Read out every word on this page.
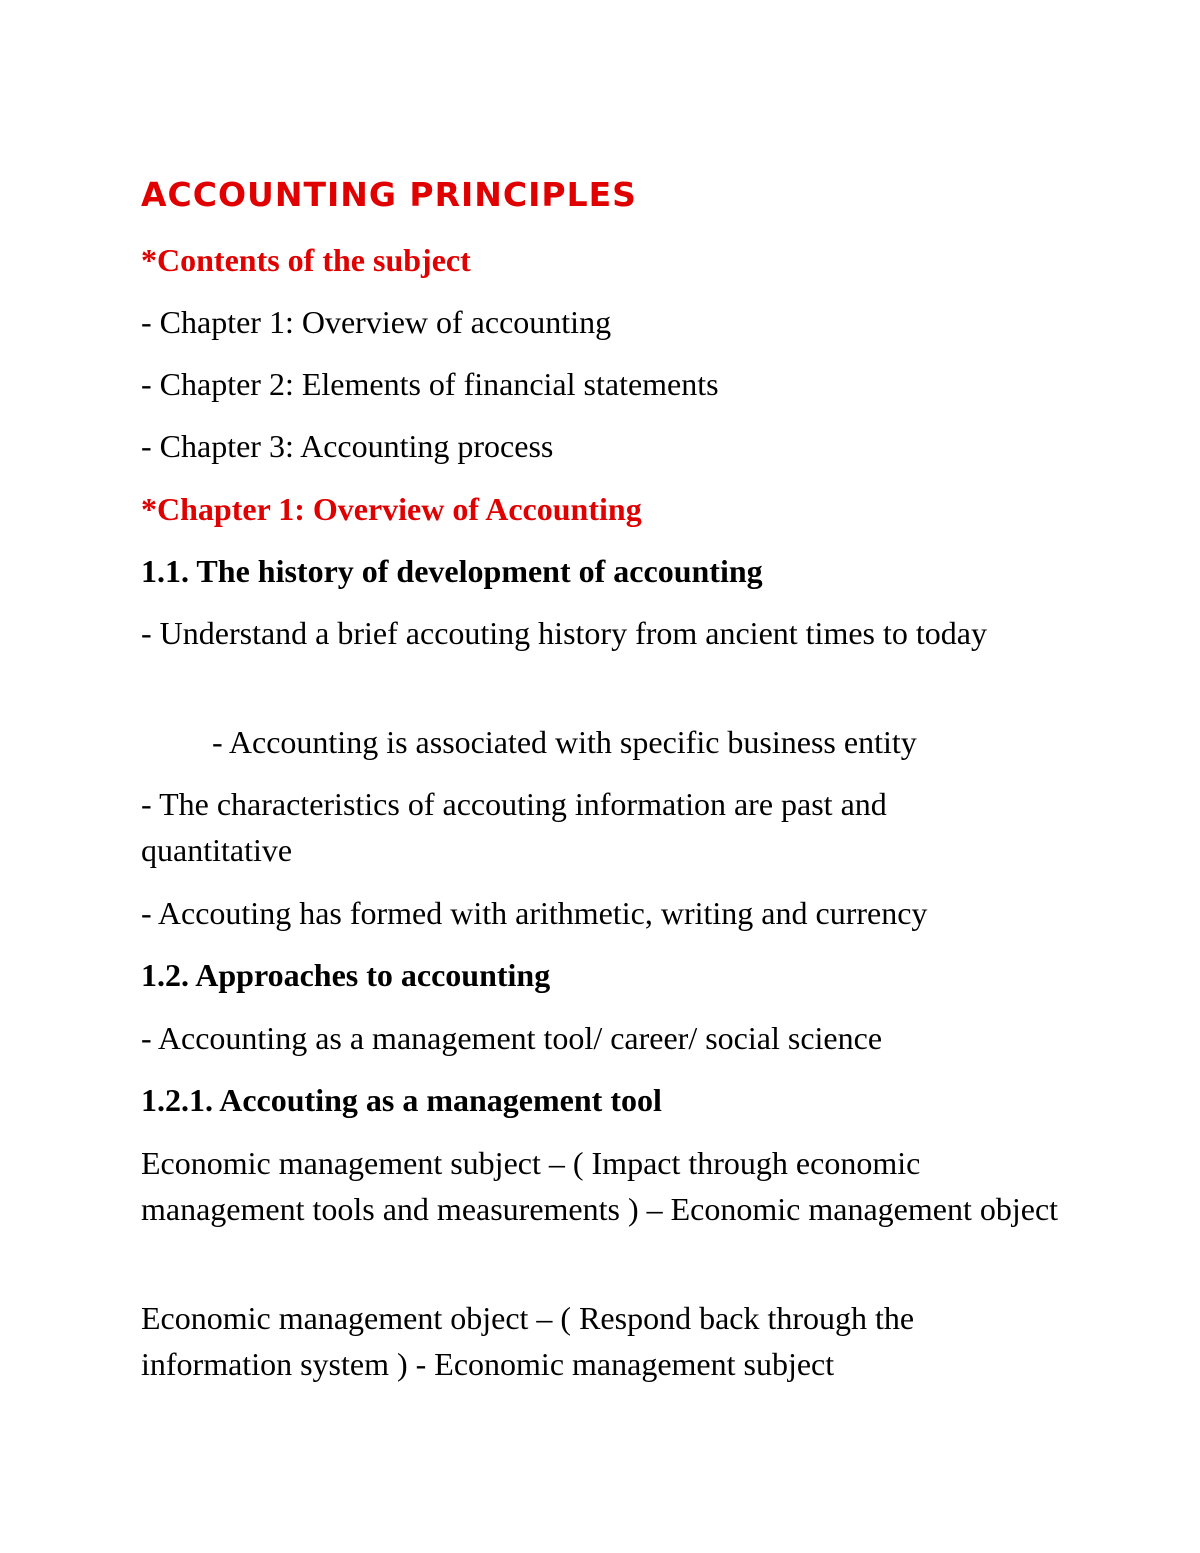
ACCOUNTING PRINCIPLES

*Contents of the subject

- Chapter 1: Overview of accounting

- Chapter 2: Elements of financial statements

- Chapter 3: Accounting process

*Chapter 1: Overview of Accounting

1.1. The history of development of accounting

- Understand a brief accouting history from ancient times to today

- Accounting is associated with specific business entity

- The characteristics of accouting information are past and quantitative

- Accouting has formed with arithmetic, writing and currency

1.2. Approaches to accounting

- Accounting as a management tool/ career/ social science

1.2.1. Accouting as a management tool

Economic management subject – ( Impact through economic management tools and measurements ) – Economic management object

Economic management object – ( Respond back through the information system ) - Economic management subject
